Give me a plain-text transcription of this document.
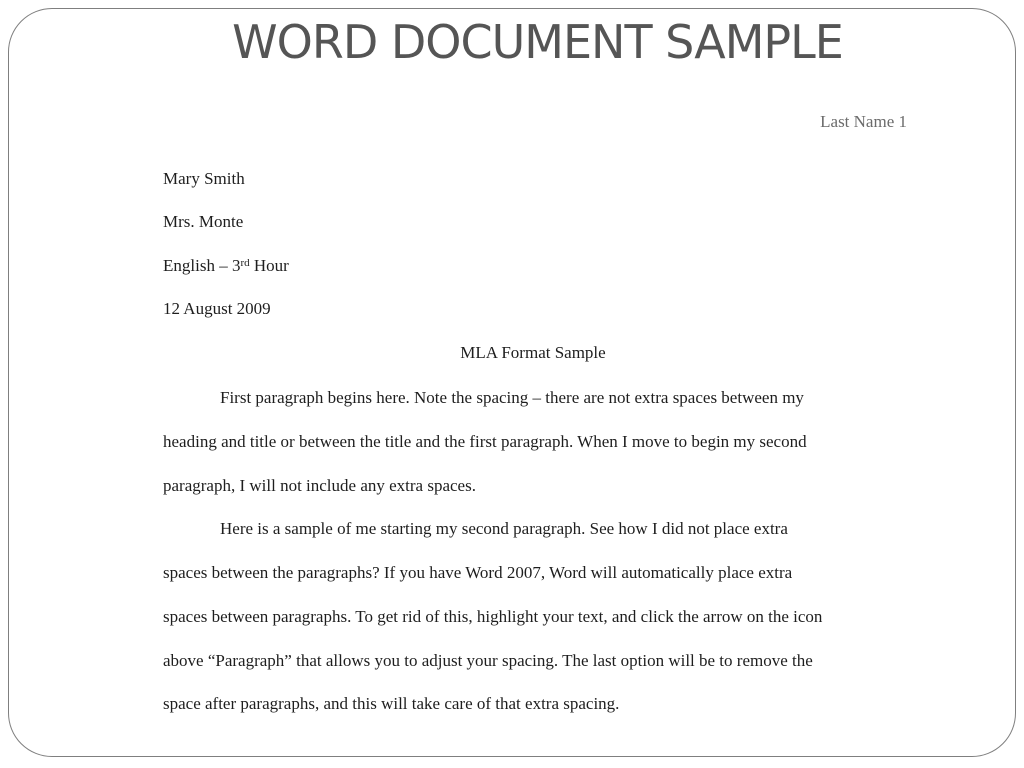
WORD DOCUMENT SAMPLE
Last Name 1
Mary Smith
Mrs. Monte
English – 3rd Hour
12 August 2009
MLA Format Sample
First paragraph begins here. Note the spacing – there are not extra spaces between my
heading and title or between the title and the first paragraph. When I move to begin my second
paragraph, I will not include any extra spaces.
Here is a sample of me starting my second paragraph. See how I did not place extra
spaces between the paragraphs? If you have Word 2007, Word will automatically place extra
spaces between paragraphs. To get rid of this, highlight your text, and click the arrow on the icon
above “Paragraph” that allows you to adjust your spacing. The last option will be to remove the
space after paragraphs, and this will take care of that extra spacing.
